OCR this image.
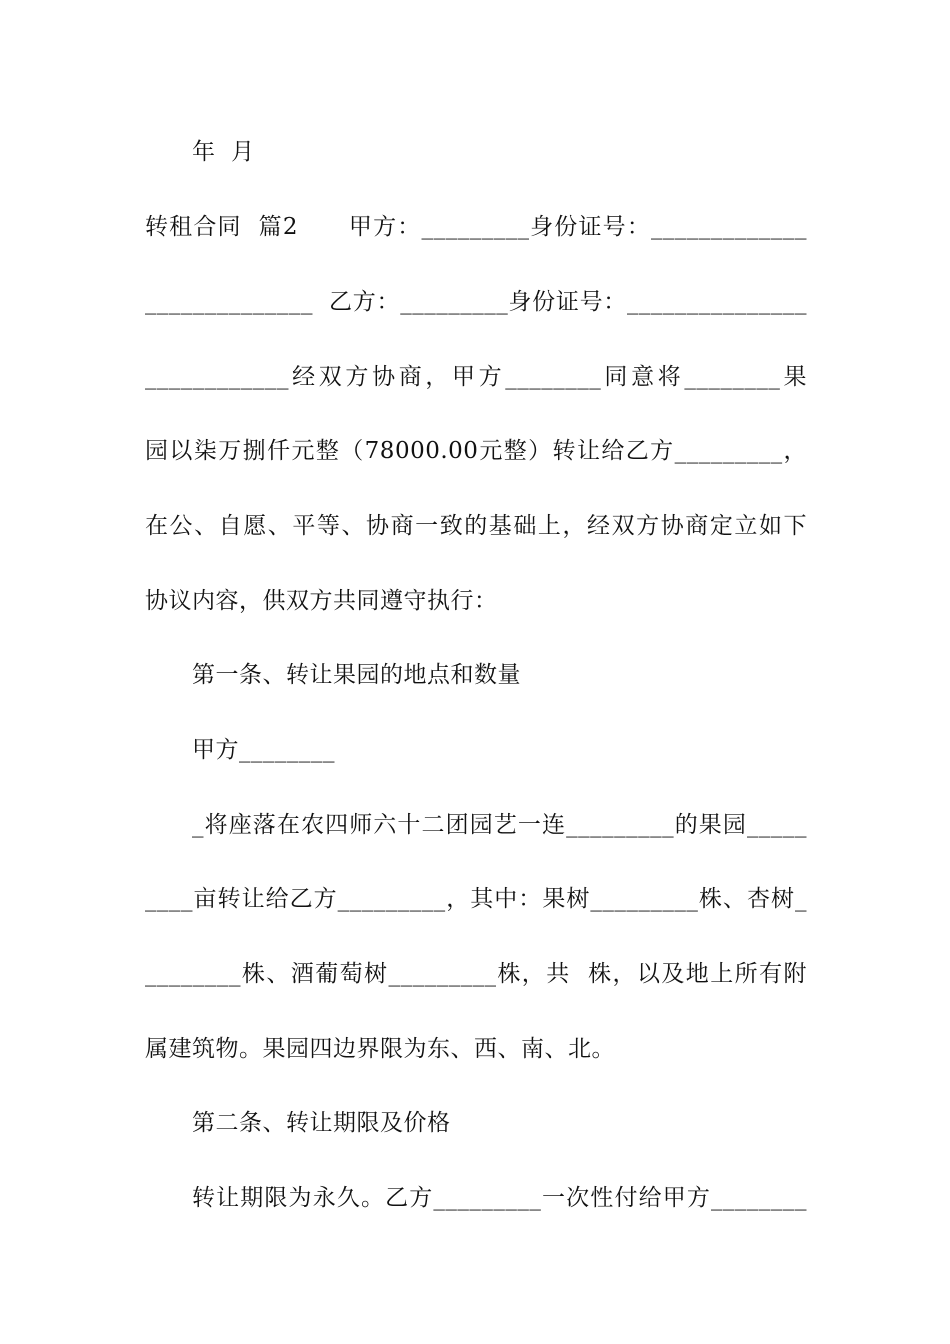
年  月
转租合同  篇2      甲方：_________身份证号：_____________
______________  乙方：_________身份证号：_______________
____________经双方协商，甲方________同意将________果
园以柒万捌仟元整（78000.00元整）转让给乙方_________，
在公、自愿、平等、协商一致的基础上，经双方协商定立如下
协议内容，供双方共同遵守执行：
第一条、转让果园的地点和数量
甲方________
_将座落在农四师六十二团园艺一连_________的果园_____
____亩转让给乙方_________，其中：果树_________株、杏树_
________株、酒葡萄树_________株，共  株，以及地上所有附
属建筑物。果园四边界限为东、西、南、北。
第二条、转让期限及价格
转让期限为永久。乙方_________一次性付给甲方________
